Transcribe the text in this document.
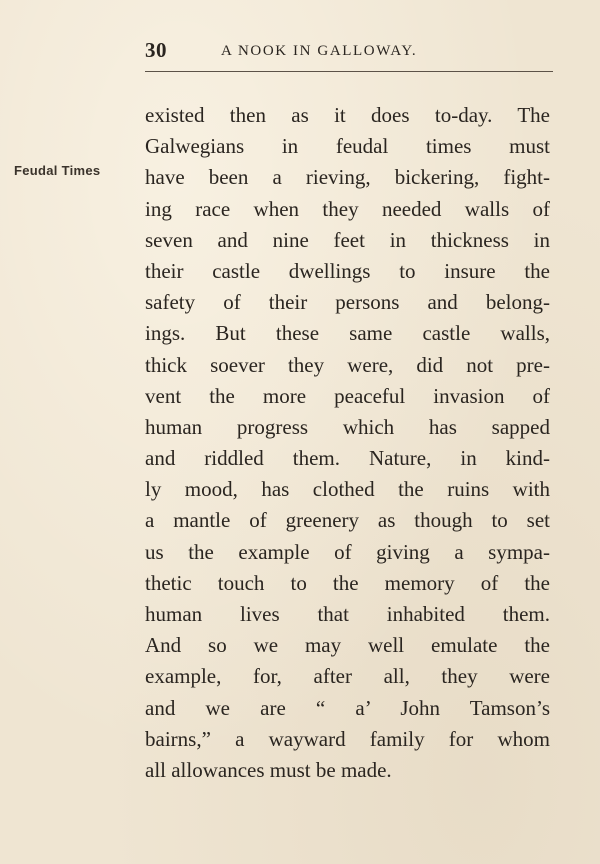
30	A NOOK IN GALLOWAY.
Feudal Times
existed then as it does to-day. The
Galwegians in feudal times must
have been a rieving, bickering, fight-
ing race when they needed walls of
seven and nine feet in thickness in
their castle dwellings to insure the
safety of their persons and belong-
ings. But these same castle walls,
thick soever they were, did not pre-
vent the more peaceful invasion of
human progress which has sapped
and riddled them. Nature, in kind-
ly mood, has clothed the ruins with
a mantle of greenery as though to set
us the example of giving a sympa-
thetic touch to the memory of the
human lives that inhabited them.
And so we may well emulate the
example, for, after all, they were
and we are “ a’ John Tamson’s
bairns,” a wayward family for whom
all allowances must be made.
